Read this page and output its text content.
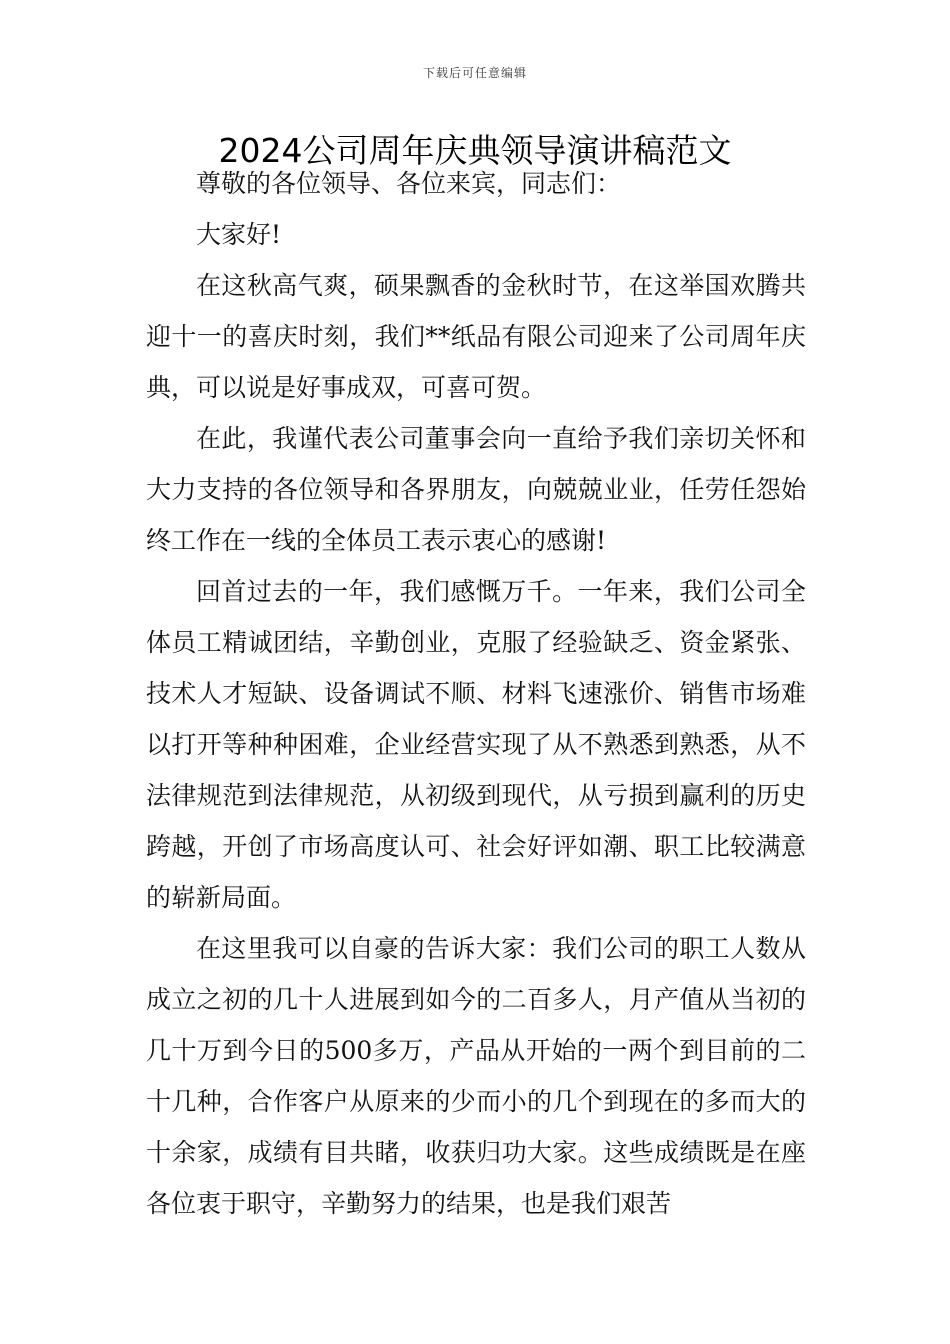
下载后可任意编辑
2024公司周年庆典领导演讲稿范文

尊敬的各位领导、各位来宾，同志们：

大家好!

在这秋高气爽，硕果飘香的金秋时节，在这举国欢腾共迎十一的喜庆时刻，我们**纸品有限公司迎来了公司周年庆典，可以说是好事成双，可喜可贺。

在此，我谨代表公司董事会向一直给予我们亲切关怀和大力支持的各位领导和各界朋友，向兢兢业业，任劳任怨始终工作在一线的全体员工表示衷心的感谢!

回首过去的一年，我们感慨万千。一年来，我们公司全体员工精诚团结，辛勤创业，克服了经验缺乏、资金紧张、技术人才短缺、设备调试不顺、材料飞速涨价、销售市场难以打开等种种困难，企业经营实现了从不熟悉到熟悉，从不法律规范到法律规范，从初级到现代，从亏损到赢利的历史跨越，开创了市场高度认可、社会好评如潮、职工比较满意的崭新局面。

在这里我可以自豪的告诉大家：我们公司的职工人数从成立之初的几十人进展到如今的二百多人，月产值从当初的几十万到今日的500多万，产品从开始的一两个到目前的二十几种，合作客户从原来的少而小的几个到现在的多而大的十余家，成绩有目共睹，收获归功大家。这些成绩既是在座各位衷于职守，辛勤努力的结果，也是我们艰苦
